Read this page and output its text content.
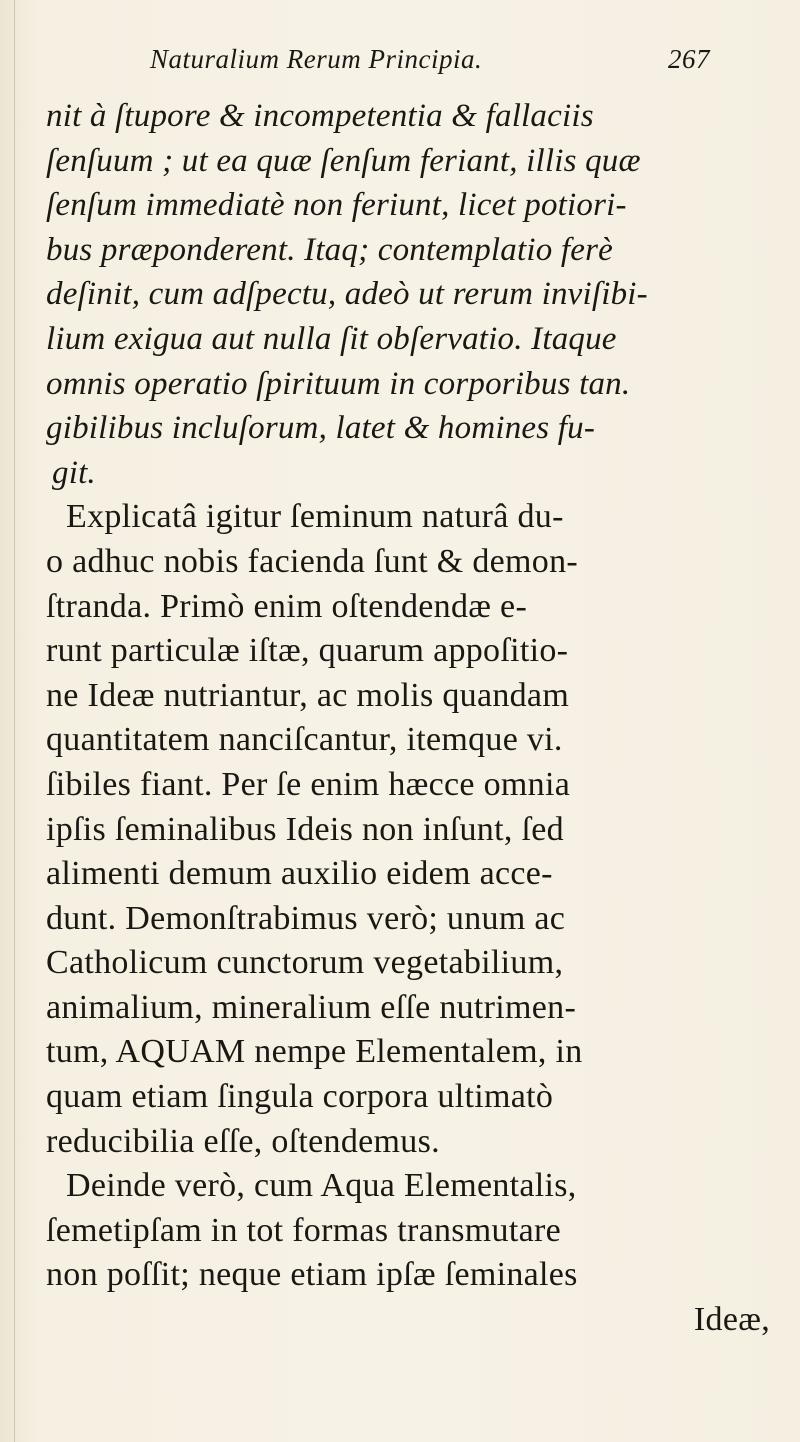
Naturalium Rerum Principia.	267
nit à ſtupore & incompetentia & fallaciis
ſenſuum ; ut ea quæ ſenſum feriant, illis quæ
ſenſum immediatè non feriunt, licet potiori-
bus præponderent. Itaq; contemplatio ferè
deſinit, cum adſpectu, adeò ut rerum inviſibi-
lium exigua aut nulla ſit obſervatio. Itaque
omnis operatio ſpirituum in corporibus tan.
gibilibus incluſorum, latet & homines fu-
git.
Explicatâ igitur ſeminum naturâ du-
o adhuc nobis facienda ſunt & demon-
ſtranda. Primò enim oſtendendæ e-
runt particulæ iſtæ, quarum appoſitio-
ne Ideæ nutriantur, ac molis quandam
quantitatem nanciſcantur, itemque vi.
ſibiles fiant. Per ſe enim hæcce omnia
ipſis ſeminalibus Ideis non inſunt, ſed
alimenti demum auxilio eidem acce-
dunt. Demonſtrabimus verò; unum ac
Catholicum cunctorum vegetabilium,
animalium, mineralium eſſe nutrimen-
tum, AQUAM nempe Elementalem, in
quam etiam ſingula corpora ultimatò
reducibilia eſſe, oſtendemus.
Deinde verò, cum Aqua Elementalis,
ſemetipſam in tot formas transmutare
non poſſit; neque etiam ipſæ ſeminales
Ideæ,
